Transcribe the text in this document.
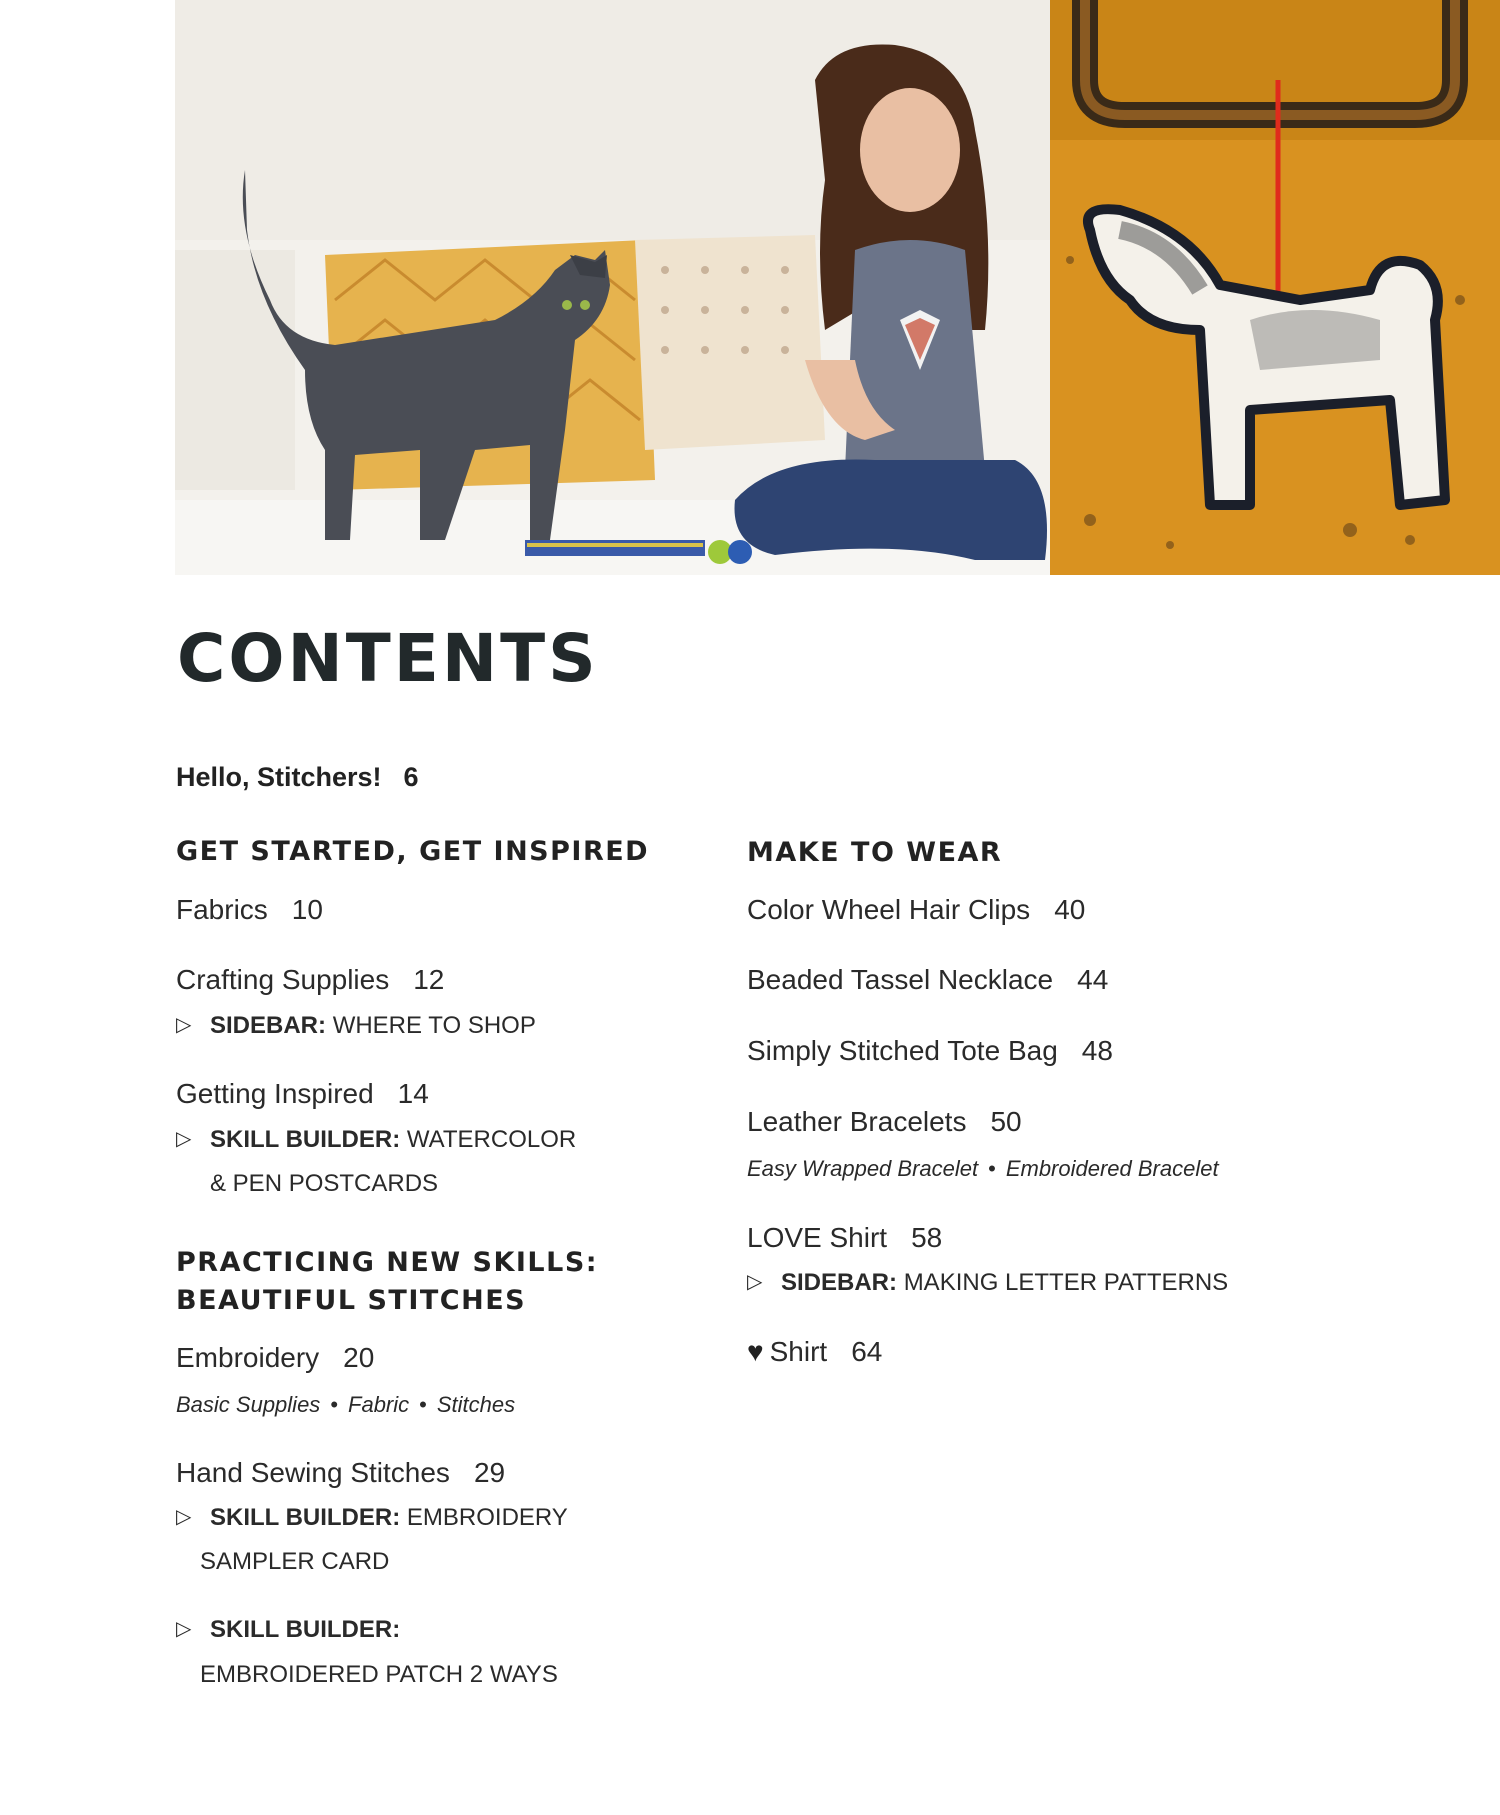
CONTENTS
Hello, Stitchers! 6
GET STARTED, GET INSPIRED
Fabrics 10
Crafting Supplies 12
▷ SIDEBAR: WHERE TO SHOP
Getting Inspired 14
▷ SKILL BUILDER: WATERCOLOR
& PEN POSTCARDS
PRACTICING NEW SKILLS:
BEAUTIFUL STITCHES
Embroidery 20
Basic Supplies • Fabric • Stitches
Hand Sewing Stitches 29
▷ SKILL BUILDER: EMBROIDERY
SAMPLER CARD
▷ SKILL BUILDER:
EMBROIDERED PATCH 2 WAYS
MAKE TO WEAR
Color Wheel Hair Clips 40
Beaded Tassel Necklace 44
Simply Stitched Tote Bag 48
Leather Bracelets 50
Easy Wrapped Bracelet • Embroidered Bracelet
LOVE Shirt 58
▷ SIDEBAR: MAKING LETTER PATTERNS
♥ Shirt 64
